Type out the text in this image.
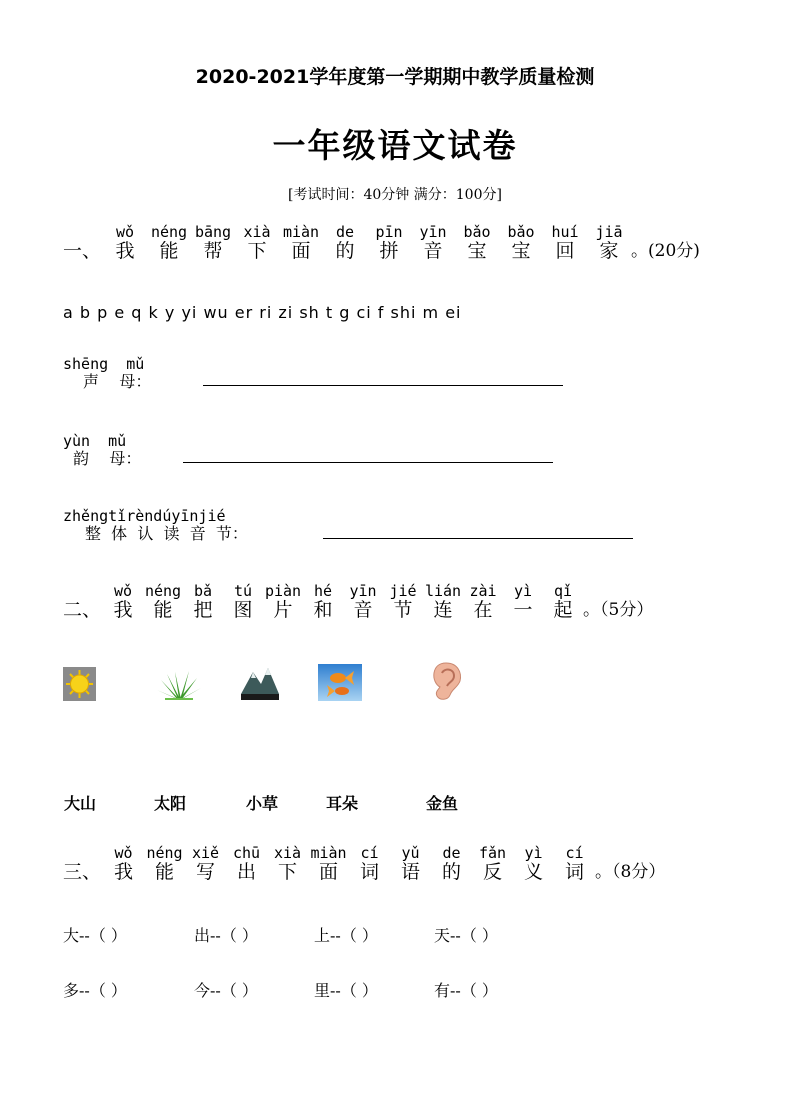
2020-2021学年度第一学期期中教学质量检测
一年级语文试卷
[考试时间：40分钟 满分：100分]
一、
wǒ
我
néng
能
bāng
帮
xià
下
miàn
面
de
的
pīn
拼
yīn
音
bǎo
宝
bǎo
宝
huí
回
jiā
家 。(20分)
a b p e q k y yi wu er ri zi sh t g ci f shi m ei
shēng  mǔ
声    母：
yùn  mǔ
韵    母：
zhěngtǐrèndúyīnjié
整  体  认  读  音  节：
二、
wǒ
我
néng
能
bǎ
把
tú
图
piàn
片
hé
和
yīn
音
jié
节
lián
连
zài
在
yì
一
qǐ
起 。（5分）
大山	太阳	小草	耳朵	金鱼
三、
wǒ
我
néng
能
xiě
写
chū
出
xià
下
miàn
面
cí
词
yǔ
语
de
的
fǎn
反
yì
义
cí
词 。（8分）
大--（ ）	出--（ ）	上--（ ）	天--（ ）
多--（ ）	今--（ ）	里--（ ）	有--（ ）
